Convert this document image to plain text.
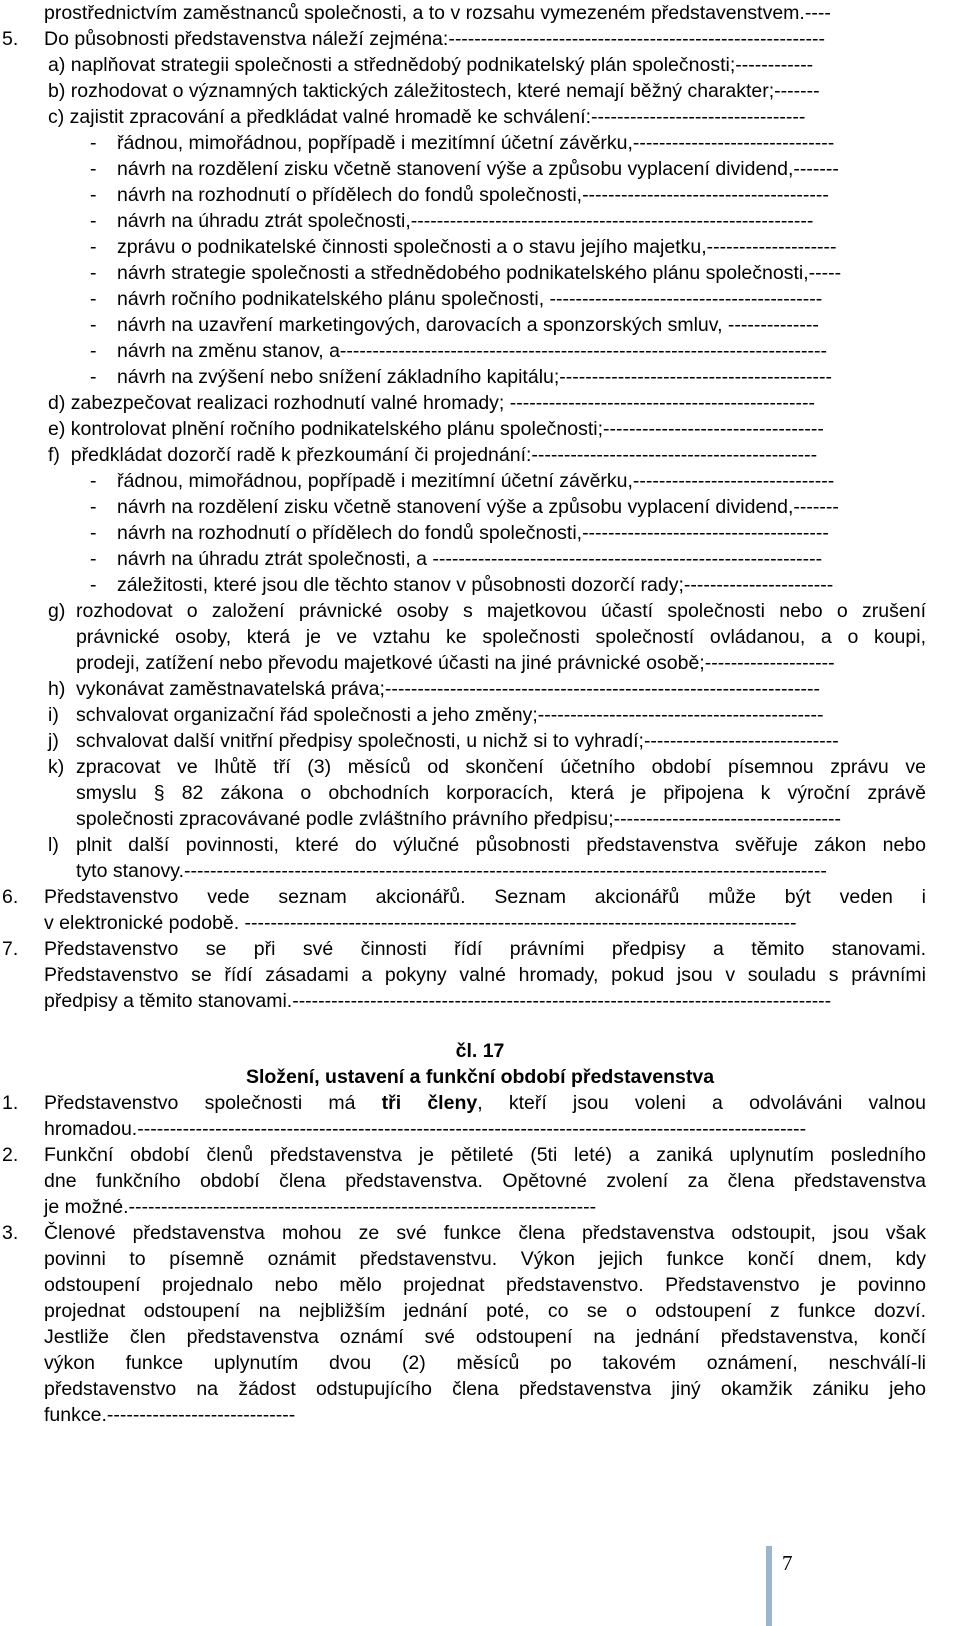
prostřednictvím zaměstnanců společnosti, a to v rozsahu vymezeném představenstvem.----
5. Do působnosti představenstva náleží zejména:----------------------------------------------------------
a) naplňovat strategii společnosti a střednědobý podnikatelský plán společnosti;------------
b) rozhodovat o významných taktických záležitostech, které nemají běžný charakter;-------
c) zajistit zpracování a předkládat valné hromadě ke schválení:---------------------------------
- řádnou, mimořádnou, popřípadě i mezitímní účetní závěrku,-------------------------------
- návrh na rozdělení zisku včetně stanovení výše a způsobu vyplacení dividend,-------
- návrh na rozhodnutí o přídělech do fondů společnosti,--------------------------------------
- návrh na úhradu ztrát společnosti,--------------------------------------------------------------
- zprávu o podnikatelské činnosti společnosti a o stavu jejího majetku,--------------------
- návrh strategie společnosti a střednědobého podnikatelského plánu společnosti,-----
- návrh ročního podnikatelského plánu společnosti, ------------------------------------------
- návrh na uzavření marketingových, darovacích a sponzorských smluv, --------------
- návrh na změnu stanov, a---------------------------------------------------------------------------
- návrh na zvýšení nebo snížení základního kapitálu;------------------------------------------
d) zabezpečovat realizaci rozhodnutí valné hromady; -----------------------------------------------
e) kontrolovat plnění ročního podnikatelského plánu společnosti;----------------------------------
f)  předkládat dozorčí radě k přezkoumání či projednání:--------------------------------------------
- řádnou, mimořádnou, popřípadě i mezitímní účetní závěrku,-------------------------------
- návrh na rozdělení zisku včetně stanovení výše a způsobu vyplacení dividend,-------
- návrh na rozhodnutí o přídělech do fondů společnosti,--------------------------------------
- návrh na úhradu ztrát společnosti, a ------------------------------------------------------------
- záležitosti, které jsou dle těchto stanov v působnosti dozorčí rady;-----------------------
g) rozhodovat o založení právnické osoby s majetkovou účastí společnosti nebo o zrušení
právnické osoby, která je ve vztahu ke společnosti společností ovládanou, a o koupi,
prodeji, zatížení nebo převodu majetkové účasti na jiné právnické osobě;--------------------
h) vykonávat zaměstnavatelská práva;-------------------------------------------------------------------
i) schvalovat organizační řád společnosti a jeho změny;--------------------------------------------
j) schvalovat další vnitřní předpisy společnosti, u nichž si to vyhradí;------------------------------
k) zpracovat ve lhůtě tří (3) měsíců od skončení účetního období písemnou zprávu ve
smyslu § 82 zákona o obchodních korporacích, která je připojena k výroční zprávě
společnosti zpracovávané podle zvláštního právního předpisu;-----------------------------------
l) plnit další povinnosti, které do výlučné působnosti představenstva svěřuje zákon nebo
tyto stanovy.---------------------------------------------------------------------------------------------------
6. Představenstvo vede seznam akcionářů. Seznam akcionářů může být veden i
v elektronické podobě. -------------------------------------------------------------------------------------
7. Představenstvo se při své činnosti řídí právními předpisy a těmito stanovami.
Představenstvo se řídí zásadami a pokyny valné hromady, pokud jsou v souladu s právními
předpisy a těmito stanovami.-----------------------------------------------------------------------------------
čl. 17
Složení, ustavení a funkční období představenstva
1. Představenstvo společnosti má tři členy, kteří jsou voleni a odvoláváni valnou
hromadou.-------------------------------------------------------------------------------------------------------
2. Funkční období členů představenstva je pětileté (5ti leté) a zaniká uplynutím posledního
dne funkčního období člena představenstva. Opětovné zvolení za člena představenstva
je možné.------------------------------------------------------------------------
3. Členové představenstva mohou ze své funkce člena představenstva odstoupit, jsou však
povinni to písemně oznámit představenstvu. Výkon jejich funkce končí dnem, kdy
odstoupení projednalo nebo mělo projednat představenstvo. Představenstvo je povinno
projednat odstoupení na nejbližším jednání poté, co se o odstoupení z funkce dozví.
Jestliže člen představenstva oznámí své odstoupení na jednání představenstva, končí
výkon funkce uplynutím dvou (2) měsíců po takovém oznámení, neschválí-li
představenstvo na žádost odstupujícího člena představenstva jiný okamžik zániku jeho
funkce.-----------------------------
7
